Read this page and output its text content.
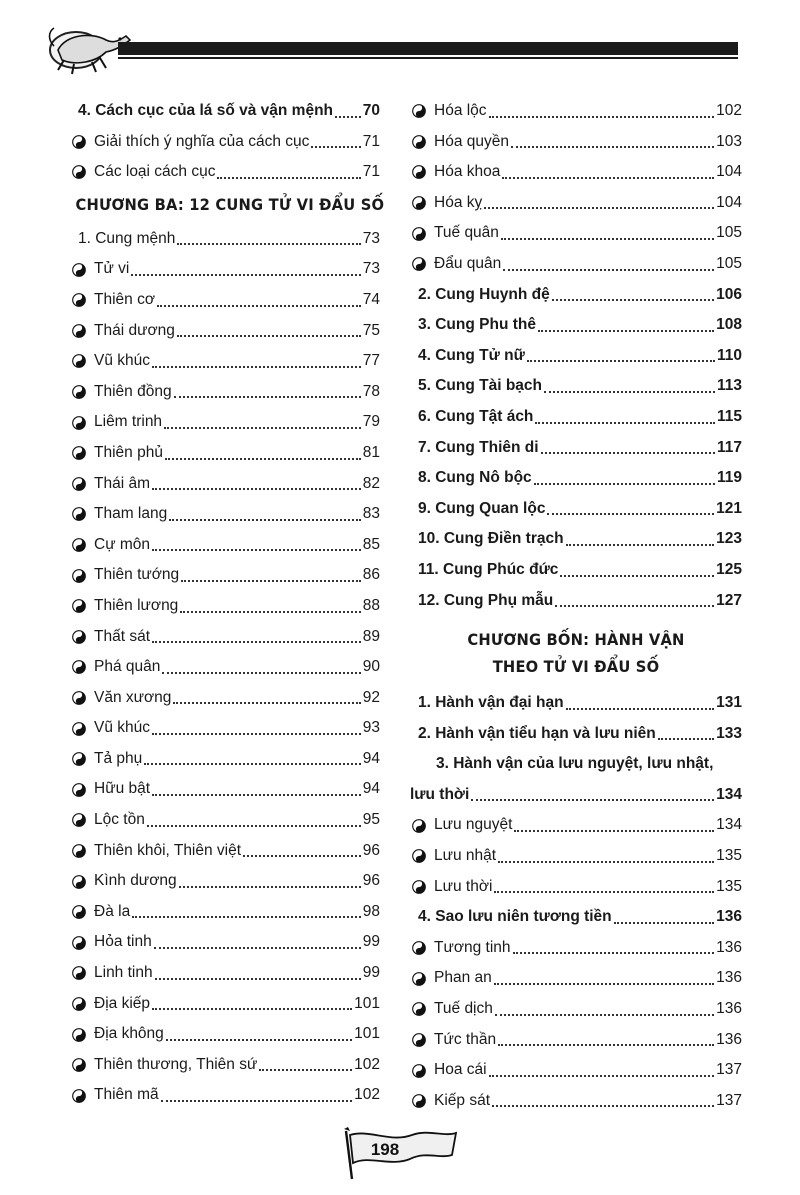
4. Cách cục của lá số và vận mệnh 70
Giải thích ý nghĩa của cách cục	71
Các loại cách cục	71
CHƯƠNG BA: 12 CUNG TỬ VI ĐẨU SỐ
1. Cung mệnh	73
Tử vi	73
Thiên cơ	74
Thái dương	75
Vũ khúc	77
Thiên đồng	78
Liêm trinh	79
Thiên phủ	81
Thái âm	82
Tham lang	83
Cự môn	85
Thiên tướng	86
Thiên lương	88
Thất sát	89
Phá quân	90
Văn xương	92
Vũ khúc	93
Tả phụ	94
Hữu bật	94
Lộc tồn	95
Thiên khôi, Thiên việt	96
Kình dương	96
Đà la	98
Hỏa tinh	99
Linh tinh	99
Địa kiếp	101
Địa không	101
Thiên thương, Thiên sứ	102
Thiên mã	102
Hóa lộc	102
Hóa quyền	103
Hóa khoa	104
Hóa kỵ	104
Tuế quân	105
Đẩu quân	105
2. Cung Huynh đệ	106
3. Cung Phu thê	108
4. Cung Tử nữ	110
5. Cung Tài bạch	113
6. Cung Tật ách	115
7. Cung Thiên di	117
8. Cung Nô bộc	119
9. Cung Quan lộc	121
10. Cung Điền trạch	123
11. Cung Phúc đức	125
12. Cung Phụ mẫu	127
CHƯƠNG BỐN: HÀNH VẬN
THEO TỬ VI ĐẨU SỐ
1. Hành vận đại hạn	131
2. Hành vận tiểu hạn và lưu niên	133
3. Hành vận của lưu nguyệt, lưu nhật,
lưu thời	134
Lưu nguyệt	134
Lưu nhật	135
Lưu thời	135
4. Sao lưu niên tương tiền	136
Tương tinh	136
Phan an	136
Tuế dịch	136
Tức thần	136
Hoa cái	137
Kiếp sát	137
198
